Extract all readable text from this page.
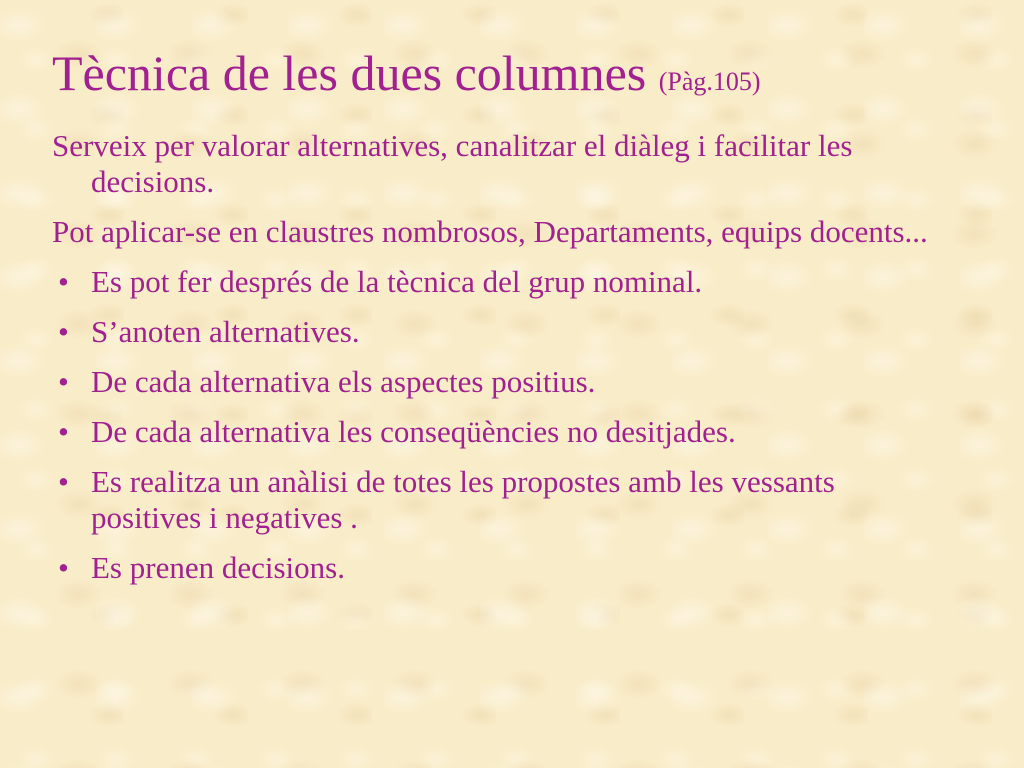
Tècnica de les dues columnes (Pàg.105)
Serveix per valorar alternatives, canalitzar el diàleg i facilitar les decisions.
Pot aplicar-se en claustres nombrosos, Departaments, equips docents...
• Es pot fer després de la tècnica del grup nominal.
• S’anoten alternatives.
• De cada alternativa els aspectes positius.
• De cada alternativa les conseqüències no desitjades.
• Es realitza un anàlisi de totes les propostes amb les vessants positives i negatives .
• Es prenen decisions.
